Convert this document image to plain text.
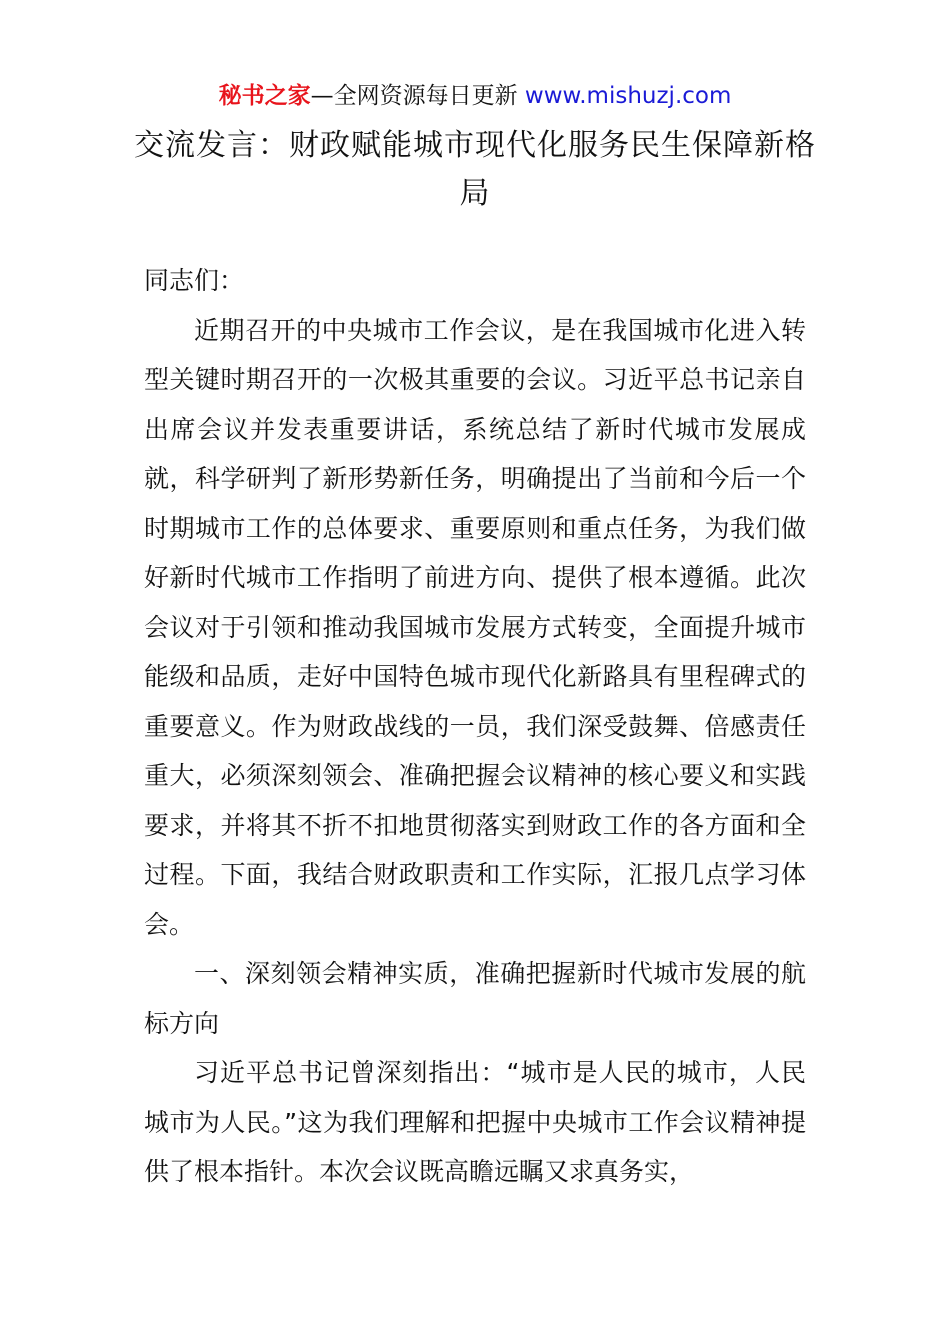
秘书之家—全网资源每日更新 www.mishuzj.com
交流发言：财政赋能城市现代化服务民生保障新格局

同志们：

近期召开的中央城市工作会议，是在我国城市化进入转型关键时期召开的一次极其重要的会议。习近平总书记亲自出席会议并发表重要讲话，系统总结了新时代城市发展成就，科学研判了新形势新任务，明确提出了当前和今后一个时期城市工作的总体要求、重要原则和重点任务，为我们做好新时代城市工作指明了前进方向、提供了根本遵循。此次会议对于引领和推动我国城市发展方式转变，全面提升城市能级和品质，走好中国特色城市现代化新路具有里程碑式的重要意义。作为财政战线的一员，我们深受鼓舞、倍感责任重大，必须深刻领会、准确把握会议精神的核心要义和实践要求，并将其不折不扣地贯彻落实到财政工作的各方面和全过程。下面，我结合财政职责和工作实际，汇报几点学习体会。

一、深刻领会精神实质，准确把握新时代城市发展的航标方向

习近平总书记曾深刻指出：“城市是人民的城市，人民城市为人民。”这为我们理解和把握中央城市工作会议精神提供了根本指针。本次会议既高瞻远瞩又求真务实，
